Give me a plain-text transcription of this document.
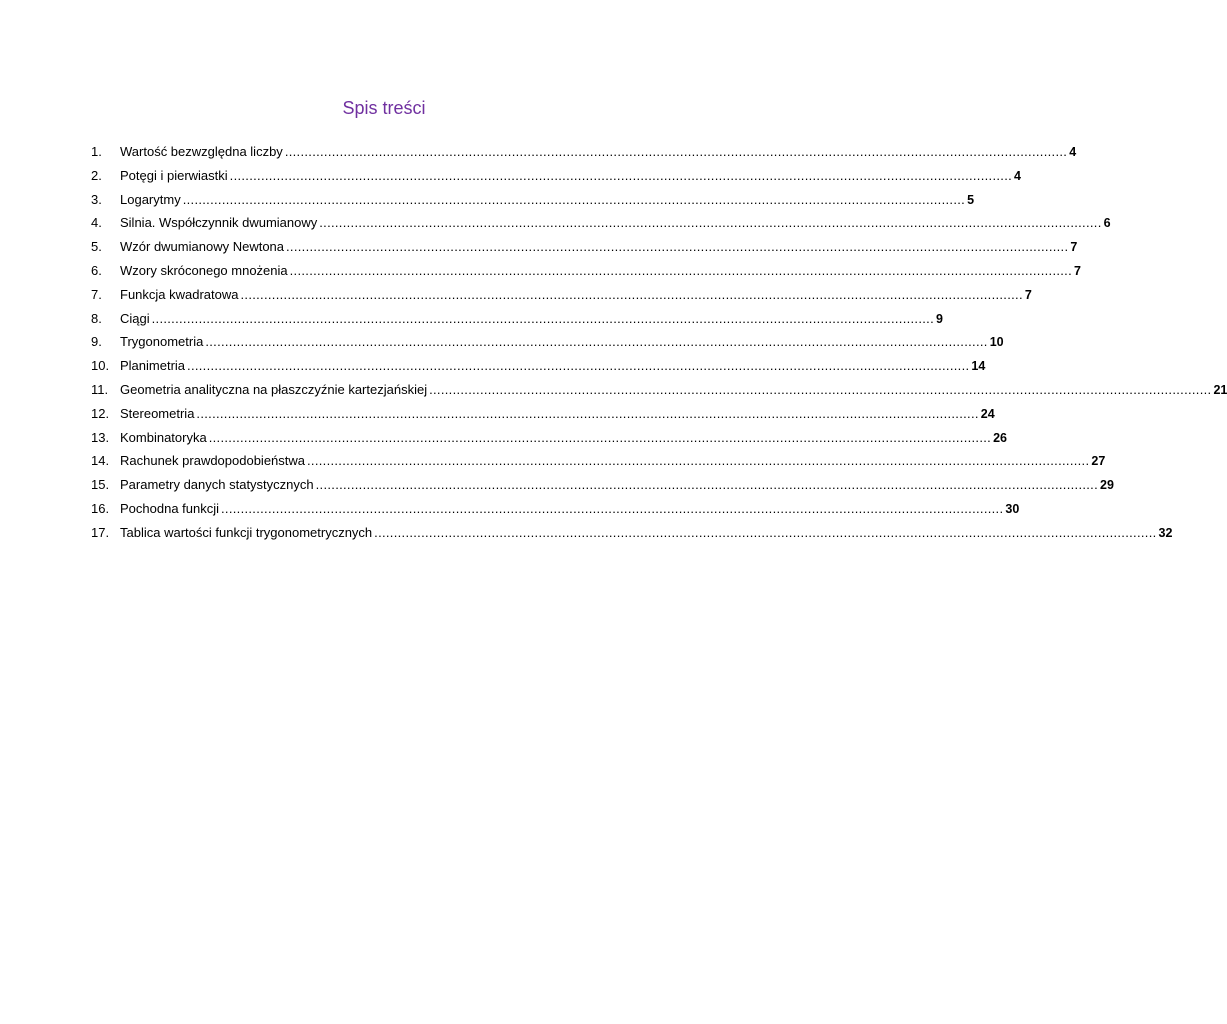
Spis treści
1.	Wartość bezwzględna liczby ........................................................................................................................................................................................................ 4
2.	Potęgi i pierwiastki ........................................................................................................................................................................................................ 4
3.	Logarytmy ........................................................................................................................................................................................................ 5
4.	Silnia. Współczynnik dwumianowy ........................................................................................................................................................................................................ 6
5.	Wzór dwumianowy Newtona ........................................................................................................................................................................................................ 7
6.	Wzory skróconego mnożenia ........................................................................................................................................................................................................ 7
7.	Funkcja kwadratowa ........................................................................................................................................................................................................ 7
8.	Ciągi ........................................................................................................................................................................................................ 9
9.	Trygonometria ........................................................................................................................................................................................................ 10
10. Planimetria ........................................................................................................................................................................................................ 14
11. Geometria analityczna na płaszczyźnie kartezjańskiej ........................................................................................................................................................................................................ 21
12. Stereometria ........................................................................................................................................................................................................ 24
13. Kombinatoryka ........................................................................................................................................................................................................ 26
14. Rachunek prawdopodobieństwa ........................................................................................................................................................................................................ 27
15. Parametry danych statystycznych ........................................................................................................................................................................................................ 29
16. Pochodna funkcji ........................................................................................................................................................................................................ 30
17. Tablica wartości funkcji trygonometrycznych ........................................................................................................................................................................................................ 32
